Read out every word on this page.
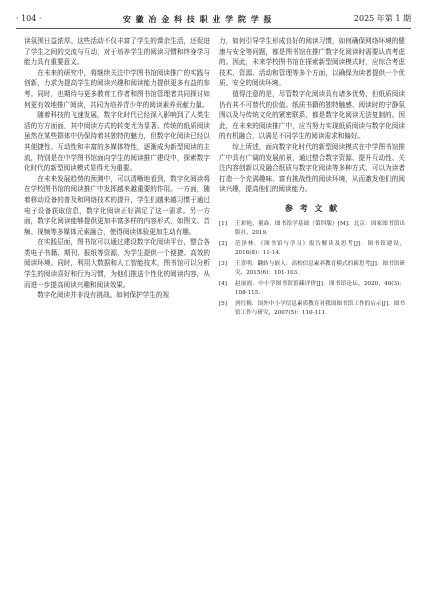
· 104 ·	安 徽 冶 金 科 技 职 业 学 院 学 报	2025 年第 1 期

读氛围日益浓厚。这些活动不仅丰富了学生的课余生活，还促进了学生之间的交流与互动，对于培养学生的阅读习惯和终身学习能力具有重要意义。

在未来的研究中，将继续关注中学图书馆阅读推广的实践与创新，力求为提高学生的阅读兴趣和阅读能力提供更多有益的参考。同时，也期待与更多教育工作者和图书馆管理者共同探讨如何更有效地推广阅读，共同为培养青少年的阅读素养贡献力量。

随着科技的飞速发展，数字化时代已经深入影响到了人类生活的方方面面，其中阅读方式的转变尤为显著。传统的纸质阅读虽然在某些群体中仍保持着其独特的魅力，但数字化阅读已经以其便捷性、互动性和丰富的多媒体特性，逐渐成为新型阅读的主流，特别是在中学图书馆面向学生的阅读推广建设中，探索数字化时代的新型阅读模式显得尤为重要。

在未来发展趋势的预测中，可以清晰地看到，数字化阅读将在学校图书馆的阅读推广中发挥越来越重要的作用。一方面，随着移动设备的普及和网络技术的提升，学生们越来越习惯于通过电子设备获取信息，数字化阅读正好满足了这一需求。另一方面，数字化阅读能够提供更加丰富多样的内容形式，如图文、音频、视频等多媒体元素融合，使得阅读体验更加生动有趣。

在实践层面，图书馆可以通过建设数字化阅读平台，整合各类电子书籍、期刊、报纸等资源，为学生提供一个便捷、高效的阅读环境。同时，利用大数据和人工智能技术，图书馆可以分析学生的阅读喜好和行为习惯，为他们推送个性化的阅读内容，从而进一步提高阅读兴趣和阅读效果。

数字化阅读并非没有挑战。如何保护学生的视

力，如何引导学生形成良好的阅读习惯，如何确保网络环境的健康与安全等问题，都是图书馆在推广数字化阅读时需要认真考虑的。因此，未来学校图书馆在探索新型阅读模式时，应综合考虑技术、资源、活动和管理等多个方面，以确保为读者提供一个优质、安全的阅读环境。

值得注意的是，尽管数字化阅读具有诸多优势，但纸质阅读仍有其不可替代的价值。纸质书籍的独特触感、阅读时的宁静氛围以及与传统文化的紧密联系，都是数字化阅读无法复制的。因此，在未来的阅读推广中，应当努力实现纸质阅读与数字化阅读的有机融合，以满足不同学生的阅读需求和偏好。

综上所述，面向数字化时代的新型阅读模式在中学图书馆推广中具有广阔的发展前景，通过整合数字资源、提升互动性、关注内容创新以及融合纸质与数字化阅读等多种方式，可以为读者打造一个充满趣味、富有挑战性的阅读环境，从而激发他们的阅读兴趣，提高他们的阅读能力。

参 考 文 献
[1]	王彩艳，董焱．图书馆学基础（第四版）[M]．北京：国家图书馆出版社，2019．
[2]	范泽林．《图书馆与学习》报告解读及思考[J]．图书馆建设，2016(8)：11-14．
[3]	王喜明．翻转与嵌入：高校信息素养教育模式的新思考[J]．图书馆研究，2015(6)：101-103．
[4]	赵丽霞．中小学图书馆馆藏评价[J]．图书馆论坛，2020，40(3)：108-115．
[5]	唐红梅．国外中小学信息素质教育对我国图书馆工作的启示[J]．图书馆工作与研究，2007(5)：110-111．
